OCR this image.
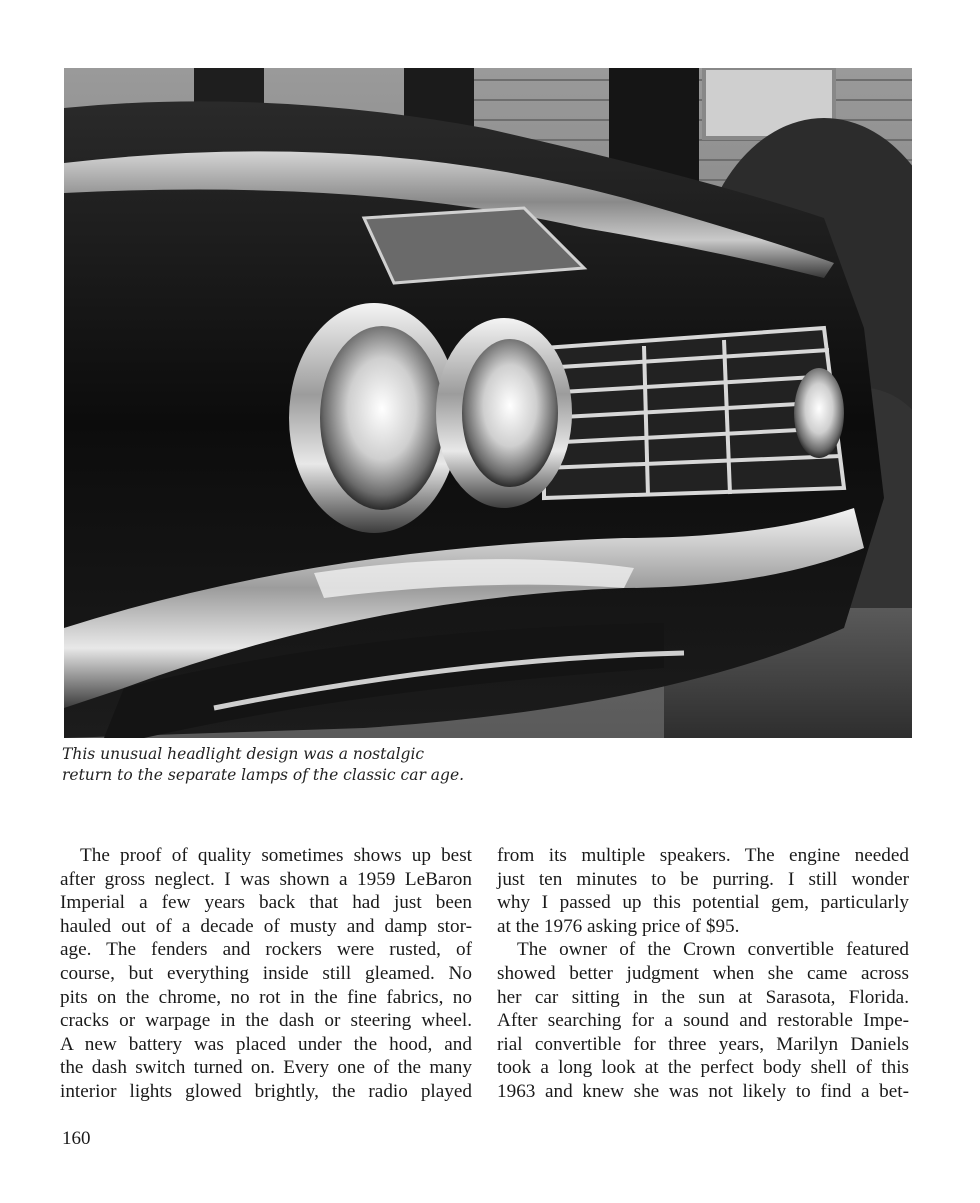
This unusual headlight design was a nostalgic
return to the separate lamps of the classic car age.

The proof of quality sometimes shows up best
after gross neglect. I was shown a 1959 LeBaron
Imperial a few years back that had just been
hauled out of a decade of musty and damp stor-
age. The fenders and rockers were rusted, of
course, but everything inside still gleamed. No
pits on the chrome, no rot in the fine fabrics, no
cracks or warpage in the dash or steering wheel.
A new battery was placed under the hood, and
the dash switch turned on. Every one of the many
interior lights glowed brightly, the radio played

from its multiple speakers. The engine needed
just ten minutes to be purring. I still wonder
why I passed up this potential gem, particularly
at the 1976 asking price of $95.

The owner of the Crown convertible featured
showed better judgment when she came across
her car sitting in the sun at Sarasota, Florida.
After searching for a sound and restorable Impe-
rial convertible for three years, Marilyn Daniels
took a long look at the perfect body shell of this
1963 and knew she was not likely to find a bet-

160
